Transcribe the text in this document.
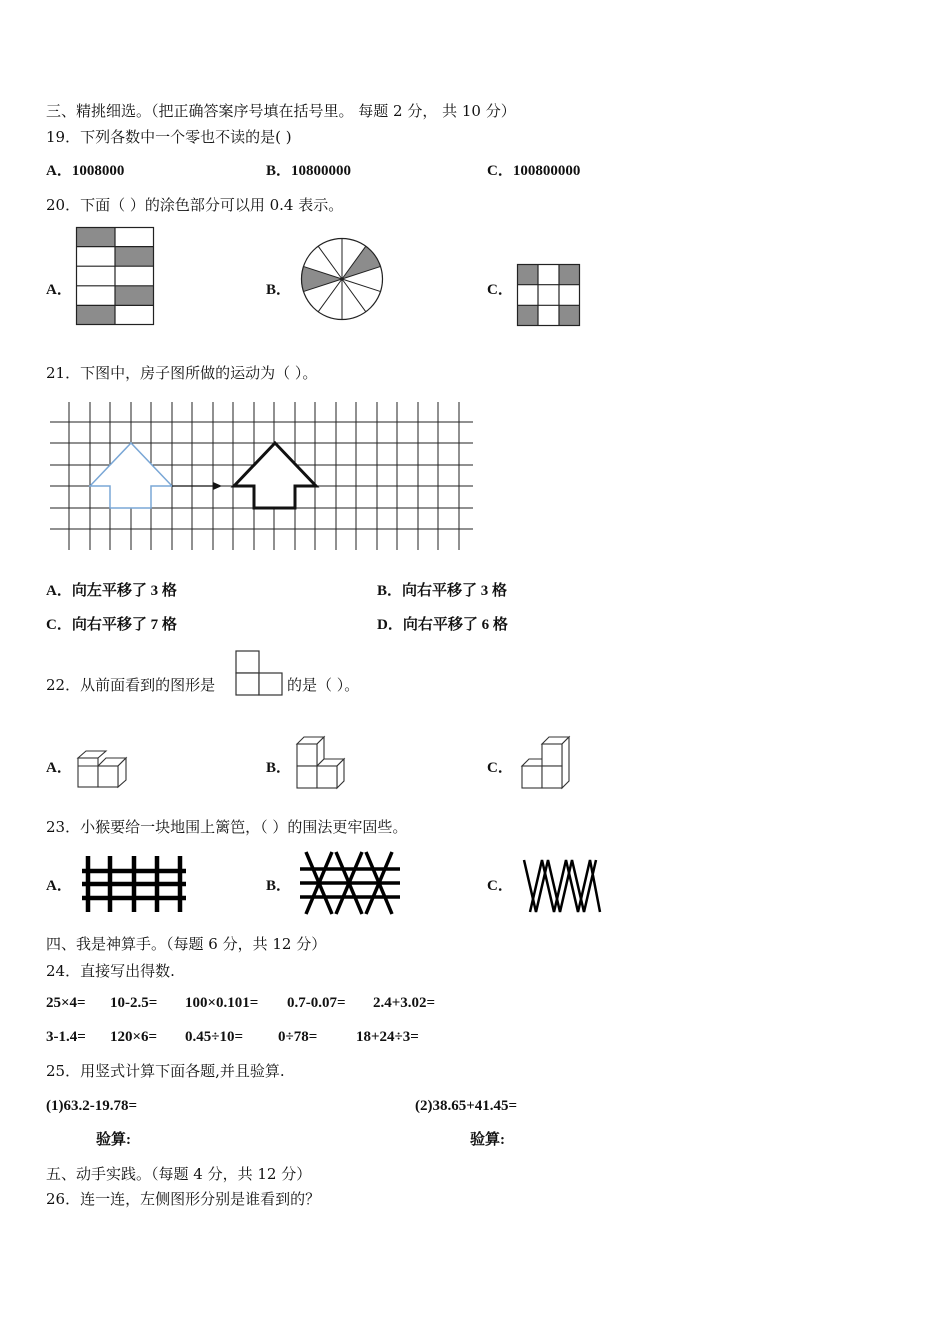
三、精挑细选。（把正确答案序号填在括号里。 每题 2 分， 共 10 分）
19．下列各数中一个零也不读的是( )
A．1008000	B．10800000	C．100800000
20．下面（ ）的涂色部分可以用 0.4 表示。
A．	B．	C．
21．下图中，房子图所做的运动为（ ）。
A．向左平移了 3 格	B．向右平移了 3 格
C．向右平移了 7 格	D．向右平移了 6 格
22．从前面看到的图形是	的是（ ）。
A．	B．	C．
23．小猴要给一块地围上篱笆，（ ）的围法更牢固些。
A．	B．	C．
四、我是神算手。（每题 6 分，共 12 分）
24．直接写出得数.
25×4= 10-2.5= 100×0.101= 0.7-0.07= 2.4+3.02=
3-1.4= 120×6= 0.45÷10= 0÷78=	18+24÷3=
25．用竖式计算下面各题,并且验算.
(1)63.2-19.78=	(2)38.65+41.45=
验算:	验算:
五、动手实践。（每题 4 分，共 12 分）
26．连一连，左侧图形分别是谁看到的？
